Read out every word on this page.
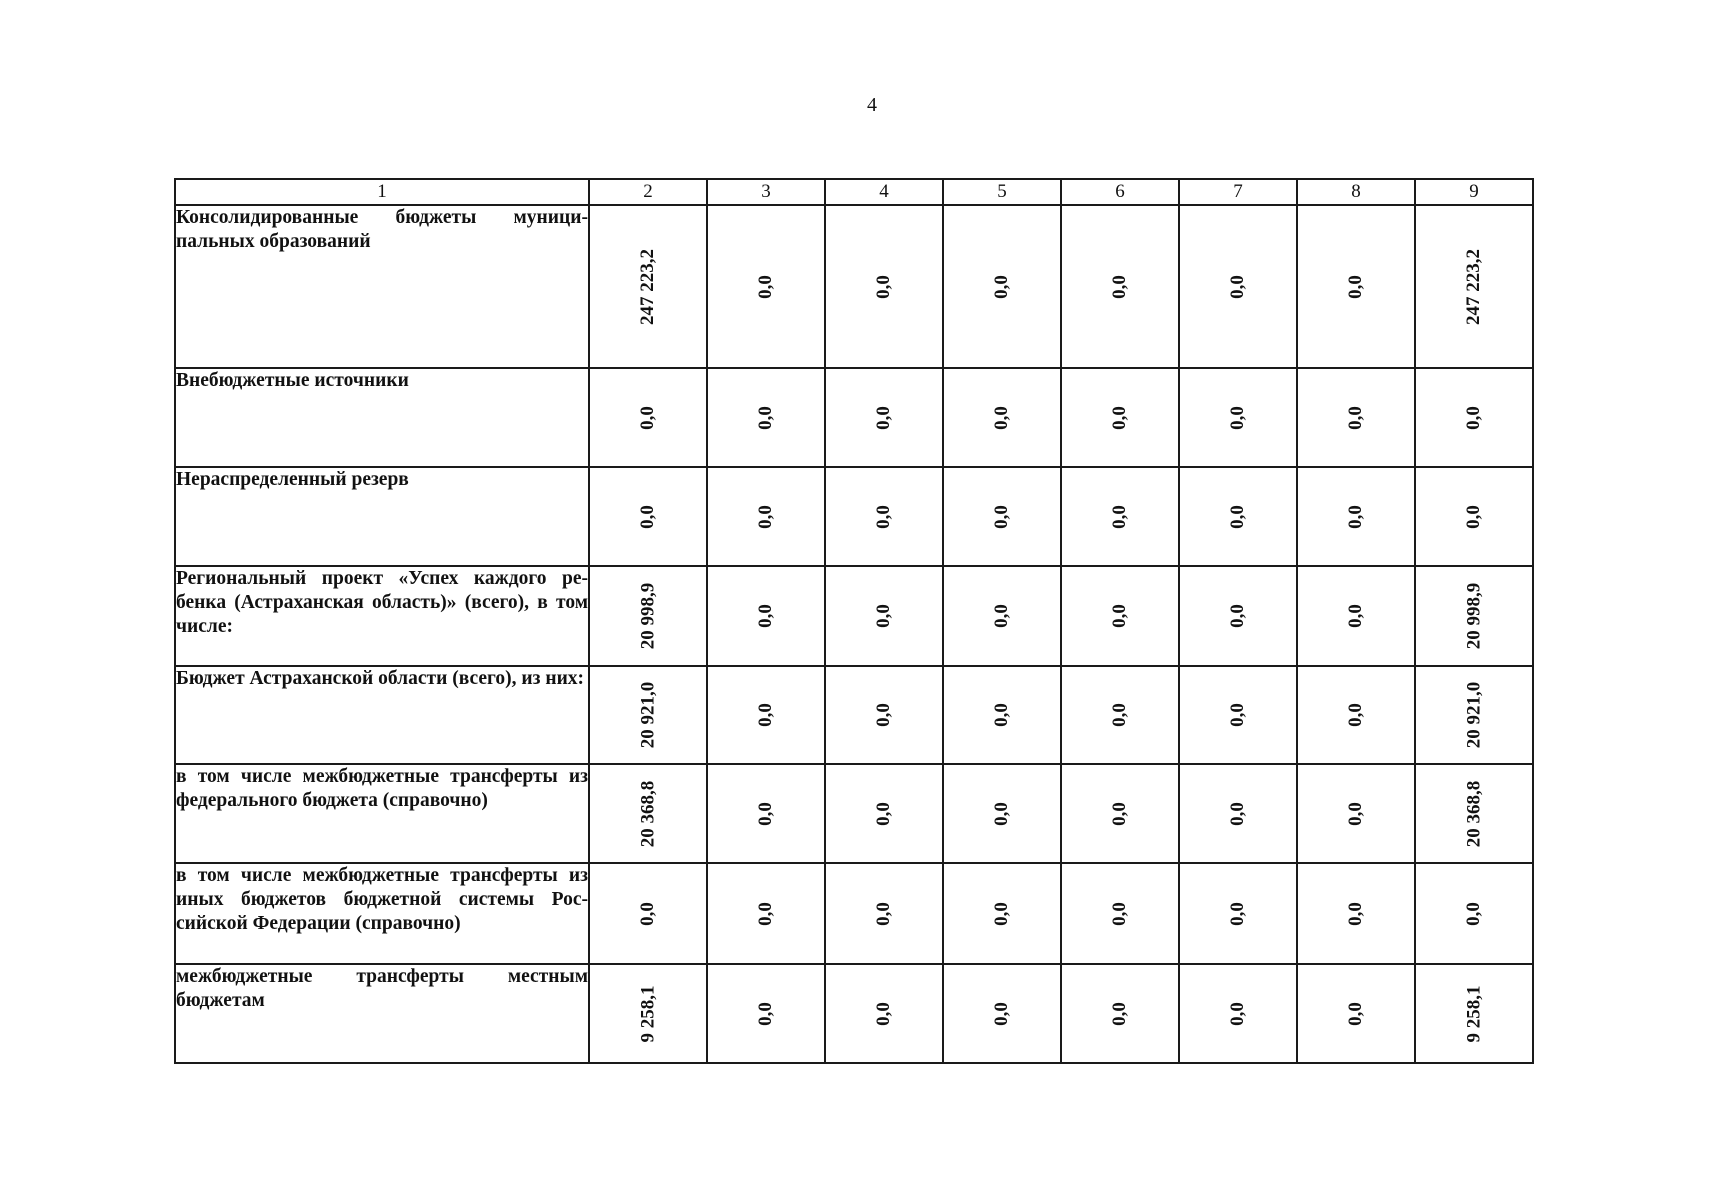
4
1	2	3	4	5	6	7	8	9
Консолидированные бюджеты муници-пальных образований	247 223,2	0,0	0,0	0,0	0,0	0,0	0,0	247 223,2
Внебюджетные источники	0,0	0,0	0,0	0,0	0,0	0,0	0,0	0,0
Нераспределенный резерв	0,0	0,0	0,0	0,0	0,0	0,0	0,0	0,0
Региональный проект «Успех каждого ре-бенка (Астраханская область)» (всего), в том числе:	20 998,9	0,0	0,0	0,0	0,0	0,0	0,0	20 998,9
Бюджет Астраханской области (всего), из них:	20 921,0	0,0	0,0	0,0	0,0	0,0	0,0	20 921,0
в том числе межбюджетные трансферты из федерального бюджета (справочно)	20 368,8	0,0	0,0	0,0	0,0	0,0	0,0	20 368,8
в том числе межбюджетные трансферты из иных бюджетов бюджетной системы Рос-сийской Федерации (справочно)	0,0	0,0	0,0	0,0	0,0	0,0	0,0	0,0
межбюджетные трансферты местным бюджетам	9 258,1	0,0	0,0	0,0	0,0	0,0	0,0	9 258,1
